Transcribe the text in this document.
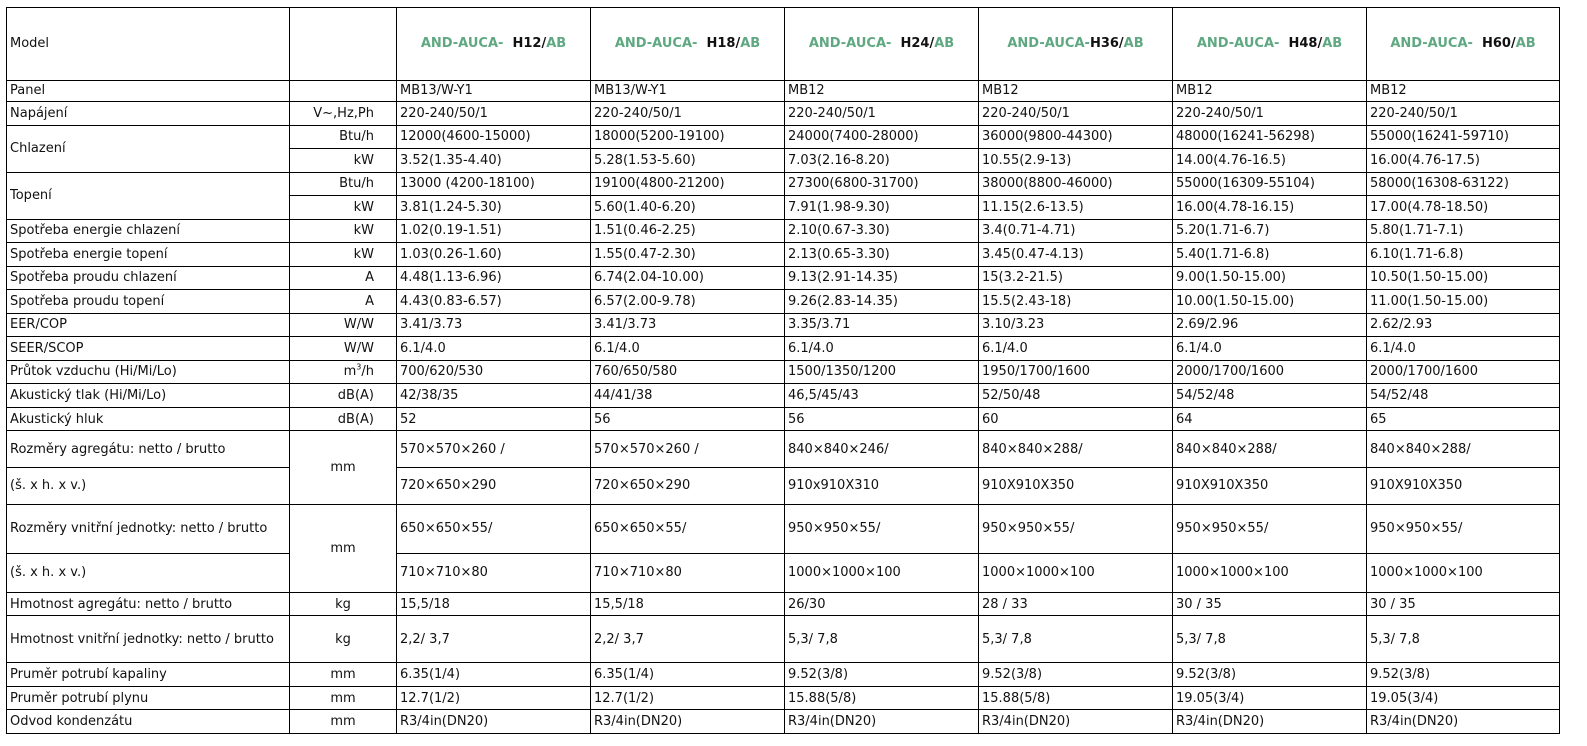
Model		AND-AUCA- H12/AB	AND-AUCA- H18/AB	AND-AUCA- H24/AB	AND-AUCA-H36/AB	AND-AUCA- H48/AB	AND-AUCA- H60/AB
Panel		MB13/W-Y1	MB13/W-Y1	MB12	MB12	MB12	MB12
Napájení	V~,Hz,Ph	220-240/50/1	220-240/50/1	220-240/50/1	220-240/50/1	220-240/50/1	220-240/50/1
Chlazení	Btu/h	12000(4600-15000)	18000(5200-19100)	24000(7400-28000)	36000(9800-44300)	48000(16241-56298)	55000(16241-59710)
	kW	3.52(1.35-4.40)	5.28(1.53-5.60)	7.03(2.16-8.20)	10.55(2.9-13)	14.00(4.76-16.5)	16.00(4.76-17.5)
Topení	Btu/h	13000 (4200-18100)	19100(4800-21200)	27300(6800-31700)	38000(8800-46000)	55000(16309-55104)	58000(16308-63122)
	kW	3.81(1.24-5.30)	5.60(1.40-6.20)	7.91(1.98-9.30)	11.15(2.6-13.5)	16.00(4.78-16.15)	17.00(4.78-18.50)
Spotřeba energie chlazení	kW	1.02(0.19-1.51)	1.51(0.46-2.25)	2.10(0.67-3.30)	3.4(0.71-4.71)	5.20(1.71-6.7)	5.80(1.71-7.1)
Spotřeba energie topení	kW	1.03(0.26-1.60)	1.55(0.47-2.30)	2.13(0.65-3.30)	3.45(0.47-4.13)	5.40(1.71-6.8)	6.10(1.71-6.8)
Spotřeba proudu chlazení	A	4.48(1.13-6.96)	6.74(2.04-10.00)	9.13(2.91-14.35)	15(3.2-21.5)	9.00(1.50-15.00)	10.50(1.50-15.00)
Spotřeba proudu topení	A	4.43(0.83-6.57)	6.57(2.00-9.78)	9.26(2.83-14.35)	15.5(2.43-18)	10.00(1.50-15.00)	11.00(1.50-15.00)
EER/COP	W/W	3.41/3.73	3.41/3.73	3.35/3.71	3.10/3.23	2.69/2.96	2.62/2.93
SEER/SCOP	W/W	6.1/4.0	6.1/4.0	6.1/4.0	6.1/4.0	6.1/4.0	6.1/4.0
Průtok vzduchu (Hi/Mi/Lo)	$m^3/h$	700/620/530	760/650/580	1500/1350/1200	1950/1700/1600	2000/1700/1600	2000/1700/1600
Akustický tlak (Hi/Mi/Lo)	dB(A)	42/38/35	44/41/38	46,5/45/43	52/50/48	54/52/48	54/52/48
Akustický hluk	dB(A)	52	56	56	60	64	65
Rozměry agregátu: netto / brutto	mm	570×570×260 /	570×570×260 /	840×840×246/	840×840×288/	840×840×288/	840×840×288/
(š. x h. x v.)		720×650×290	720×650×290	910x910X310	910X910X350	910X910X350	910X910X350
Rozměry vnitřní jednotky: netto / brutto	mm	650×650×55/	650×650×55/	950×950×55/	950×950×55/	950×950×55/	950×950×55/
(š. x h. x v.)		710×710×80	710×710×80	1000×1000×100	1000×1000×100	1000×1000×100	1000×1000×100
Hmotnost agregátu: netto / brutto	kg	15,5/18	15,5/18	26/30	28 / 33	30 / 35	30 / 35
Hmotnost vnitřní jednotky: netto / brutto	kg	2,2/ 3,7	2,2/ 3,7	5,3/ 7,8	5,3/ 7,8	5,3/ 7,8	5,3/ 7,8
Pruměr potrubí kapaliny	mm	6.35(1/4)	6.35(1/4)	9.52(3/8)	9.52(3/8)	9.52(3/8)	9.52(3/8)
Pruměr potrubí plynu	mm	12.7(1/2)	12.7(1/2)	15.88(5/8)	15.88(5/8)	19.05(3/4)	19.05(3/4)
Odvod kondenzátu	mm	R3/4in(DN20)	R3/4in(DN20)	R3/4in(DN20)	R3/4in(DN20)	R3/4in(DN20)	R3/4in(DN20)
